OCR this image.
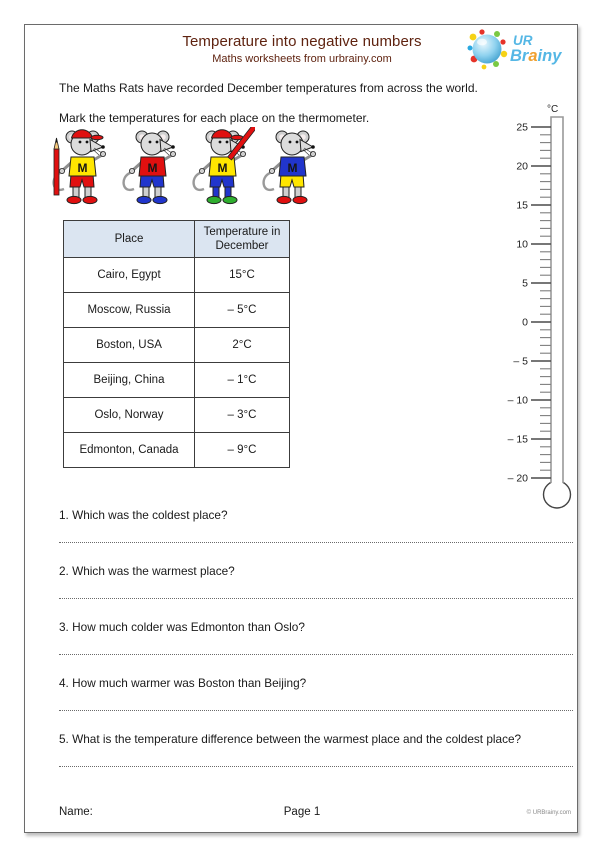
Temperature into negative numbers
Maths worksheets from urbrainy.com
UR
Brainy

The Maths Rats have recorded December temperatures from across the world.

Mark the temperatures for each place on the thermometer.

M	M	M	M
Place	Temperature in December
Cairo, Egypt	15°C
Moscow, Russia	– 5°C
Boston, USA	2°C
Beijing, China	– 1°C
Oslo, Norway	– 3°C
Edmonton, Canada	– 9°C
25
20
15
10
5
0
– 5
– 10
– 15
– 20
°C
1. Which was the coldest place?
2. Which was the warmest place?
3. How much colder was Edmonton than Oslo?
4. How much warmer was Boston than Beijing?
5. What is the temperature difference between the warmest place and the coldest place?
Name:	Page 1	© URBrainy.com
